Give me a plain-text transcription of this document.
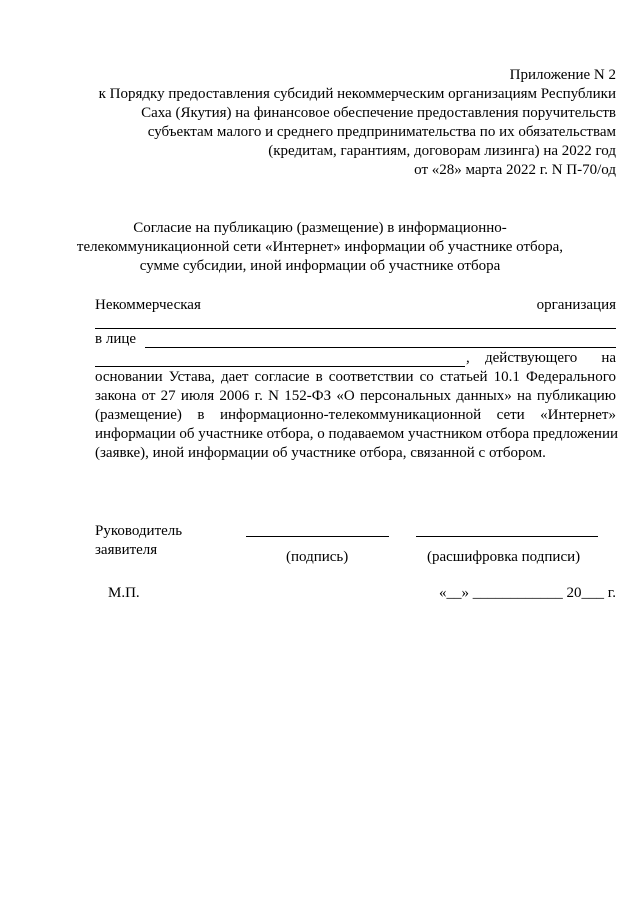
Приложение N 2
к Порядку предоставления субсидий некоммерческим организациям Республики
Саха (Якутия) на финансовое обеспечение предоставления поручительств
субъектам малого и среднего предпринимательства по их обязательствам
(кредитам, гарантиям, договорам лизинга) на 2022 год
от «28» марта 2022 г. N П-70/од
Согласие на публикацию (размещение) в информационно-
телекоммуникационной сети «Интернет» информации об участнике отбора,
сумме субсидии, иной информации об участнике отбора
Некоммерческая	организация
в лице
, действующего на
основании Устава, дает согласие в соответствии со статьей 10.1 Федерального
закона от 27 июля 2006 г. N 152-ФЗ «О персональных данных» на публикацию
(размещение) в информационно-телекоммуникационной сети «Интернет»
информации об участнике отбора, о подаваемом участником отбора предложении
(заявке), иной информации об участнике отбора, связанной с отбором.
Руководитель
заявителя	(подпись)	(расшифровка подписи)
М.П.	«__» ____________ 20___ г.
